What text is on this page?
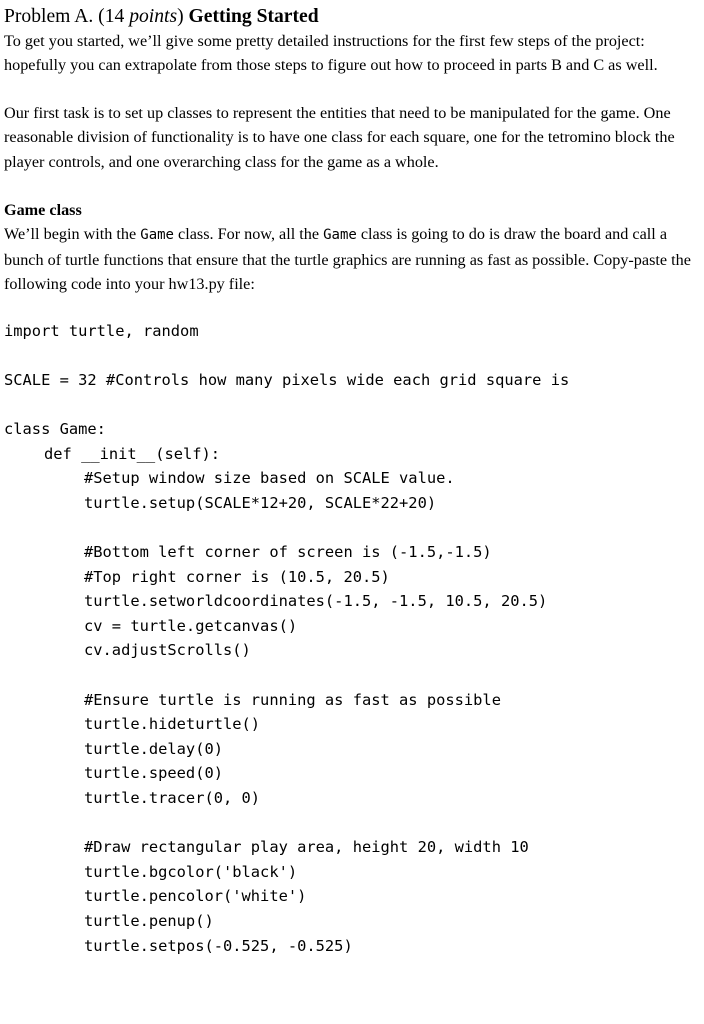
Problem A. (14 points) Getting Started

To get you started, we’ll give some pretty detailed instructions for the first few steps of the project: hopefully you can extrapolate from those steps to figure out how to proceed in parts B and C as well.

Our first task is to set up classes to represent the entities that need to be manipulated for the game. One reasonable division of functionality is to have one class for each square, one for the tetromino block the player controls, and one overarching class for the game as a whole.

Game class

We’ll begin with the Game class. For now, all the Game class is going to do is draw the board and call a bunch of turtle functions that ensure that the turtle graphics are running as fast as possible. Copy-paste the following code into your hw13.py file:

import turtle, random
SCALE = 32 #Controls how many pixels wide each grid square is
class Game:
def __init__(self):
#Setup window size based on SCALE value.
turtle.setup(SCALE*12+20, SCALE*22+20)
#Bottom left corner of screen is (-1.5,-1.5)
#Top right corner is (10.5, 20.5)
turtle.setworldcoordinates(-1.5, -1.5, 10.5, 20.5)
cv = turtle.getcanvas()
cv.adjustScrolls()
#Ensure turtle is running as fast as possible
turtle.hideturtle()
turtle.delay(0)
turtle.speed(0)
turtle.tracer(0, 0)
#Draw rectangular play area, height 20, width 10
turtle.bgcolor('black')
turtle.pencolor('white')
turtle.penup()
turtle.setpos(-0.525, -0.525)
